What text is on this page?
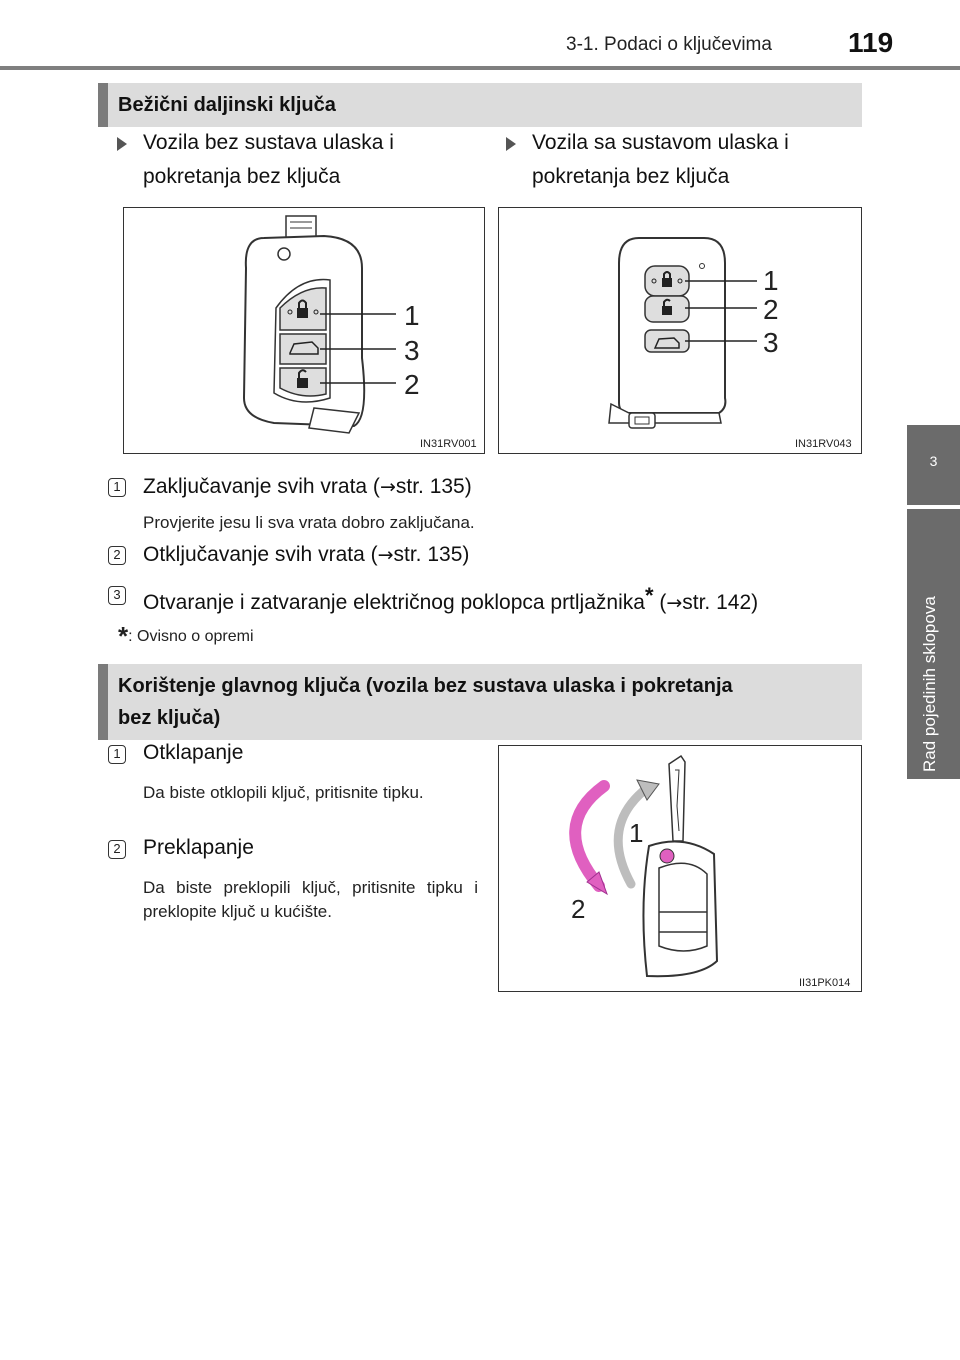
3-1. Podaci o ključevima	119
3
Rad pojedinih sklopova
Bežični daljinski ključa
Vozila bez sustava ulaska i
pokretanja bez ključa
Vozila sa sustavom ulaska i
pokretanja bez ključa
1
3
2
IN31RV001
1
2
3
IN31RV043
1 Zaključavanje svih vrata (→str. 135)
Provjerite jesu li sva vrata dobro zaključana.
2 Otključavanje svih vrata (→str. 135)
3 Otvaranje i zatvaranje električnog poklopca prtljažnika* (→str. 142)
*: Ovisno o opremi
Korištenje glavnog ključa (vozila bez sustava ulaska i pokretanja
bez ključa)
1 Otklapanje
Da biste otklopili ključ, pritisnite tipku.
2 Preklapanje
Da biste preklopili ključ, pritisnite tipku i preklopite ključ u kućište.
1
2
II31PK014
